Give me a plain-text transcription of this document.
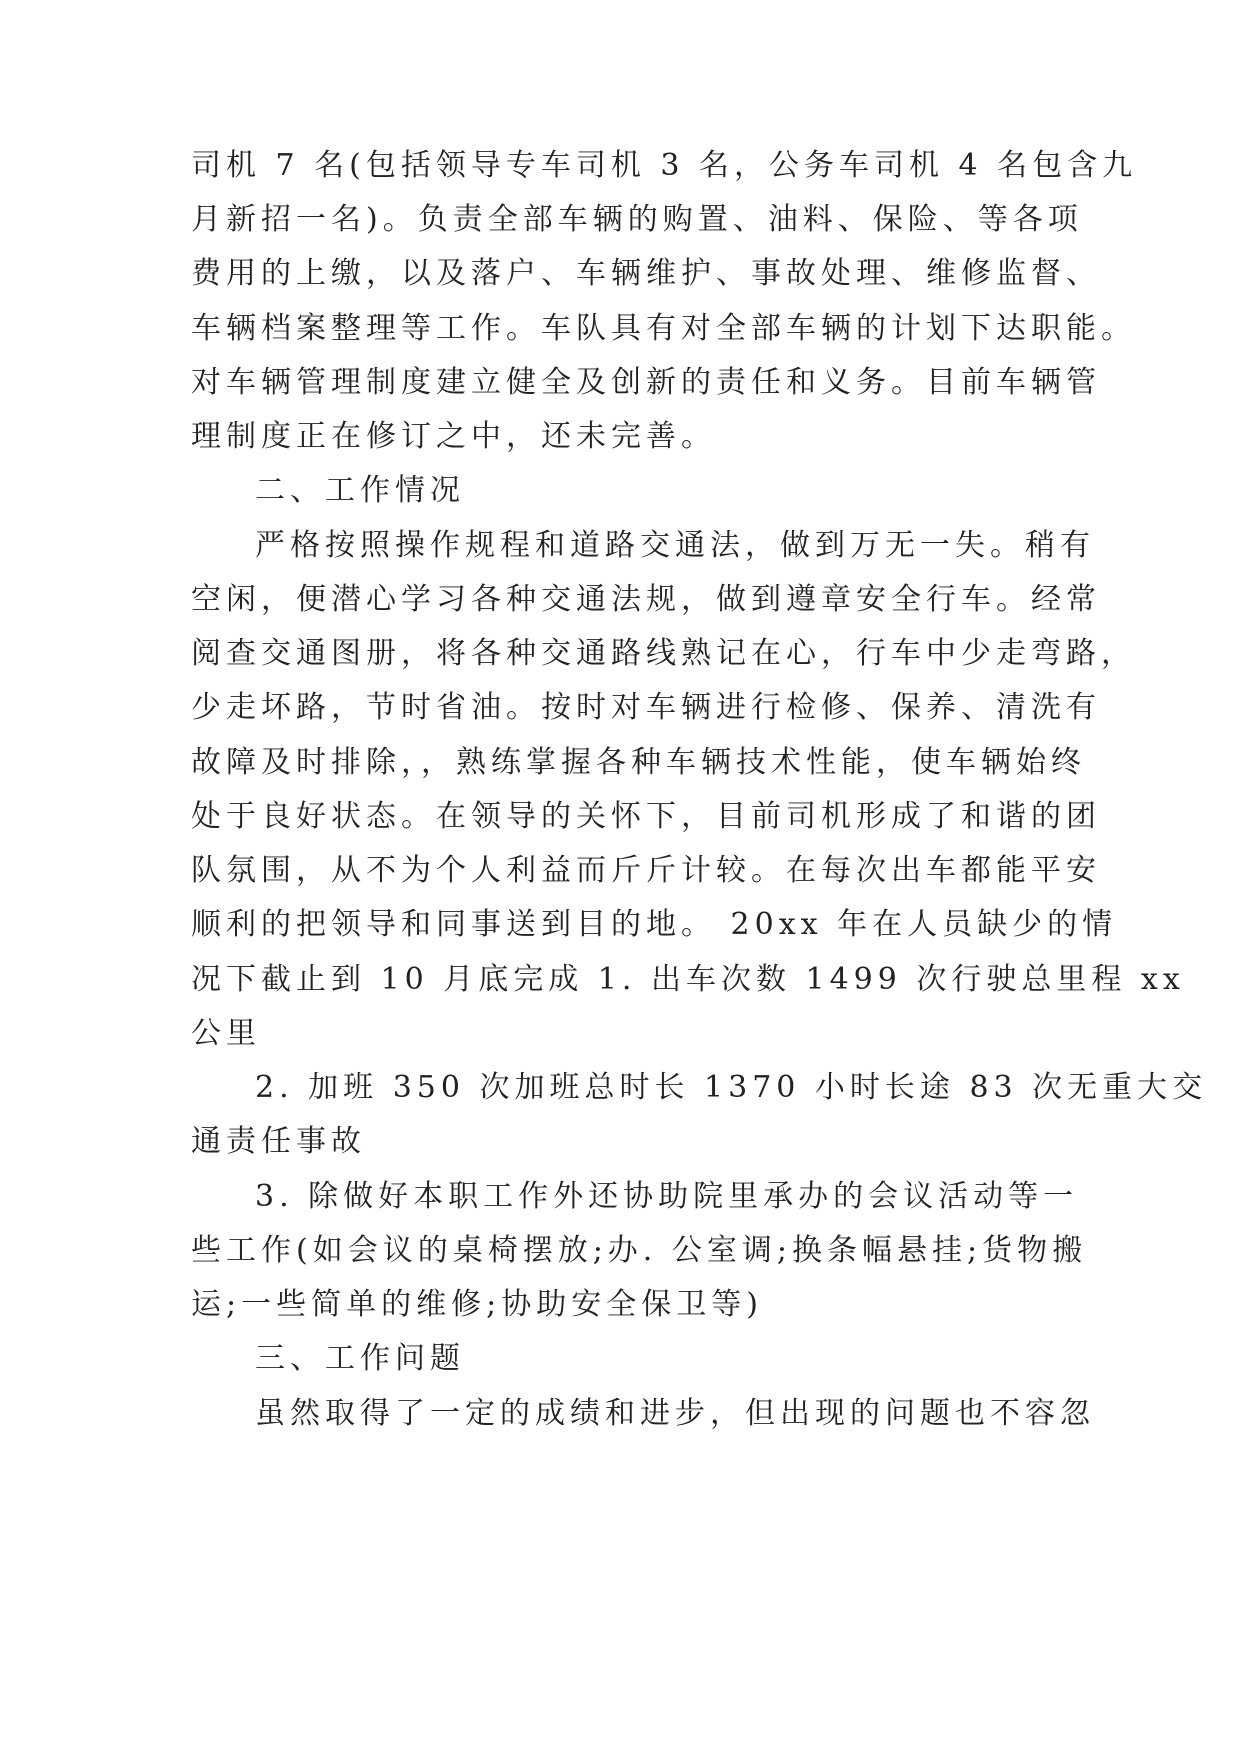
司机 7 名(包括领导专车司机 3 名，公务车司机 4 名包含九
月新招一名)。负责全部车辆的购置、油料、保险、等各项
费用的上缴，以及落户、车辆维护、事故处理、维修监督、
车辆档案整理等工作。车队具有对全部车辆的计划下达职能。
对车辆管理制度建立健全及创新的责任和义务。目前车辆管
理制度正在修订之中，还未完善。
二、工作情况
严格按照操作规程和道路交通法，做到万无一失。稍有
空闲，便潜心学习各种交通法规，做到遵章安全行车。经常
阅查交通图册，将各种交通路线熟记在心，行车中少走弯路，
少走坏路，节时省油。按时对车辆进行检修、保养、清洗有
故障及时排除，，熟练掌握各种车辆技术性能，使车辆始终
处于良好状态。在领导的关怀下，目前司机形成了和谐的团
队氛围，从不为个人利益而斤斤计较。在每次出车都能平安
顺利的把领导和同事送到目的地。 20xx 年在人员缺少的情
况下截止到 10 月底完成 1. 出车次数 1499 次行驶总里程 xx
公里
2. 加班 350 次加班总时长 1370 小时长途 83 次无重大交
通责任事故
3. 除做好本职工作外还协助院里承办的会议活动等一
些工作(如会议的桌椅摆放;办. 公室调;换条幅悬挂;货物搬
运;一些简单的维修;协助安全保卫等)
三、工作问题
虽然取得了一定的成绩和进步，但出现的问题也不容忽
